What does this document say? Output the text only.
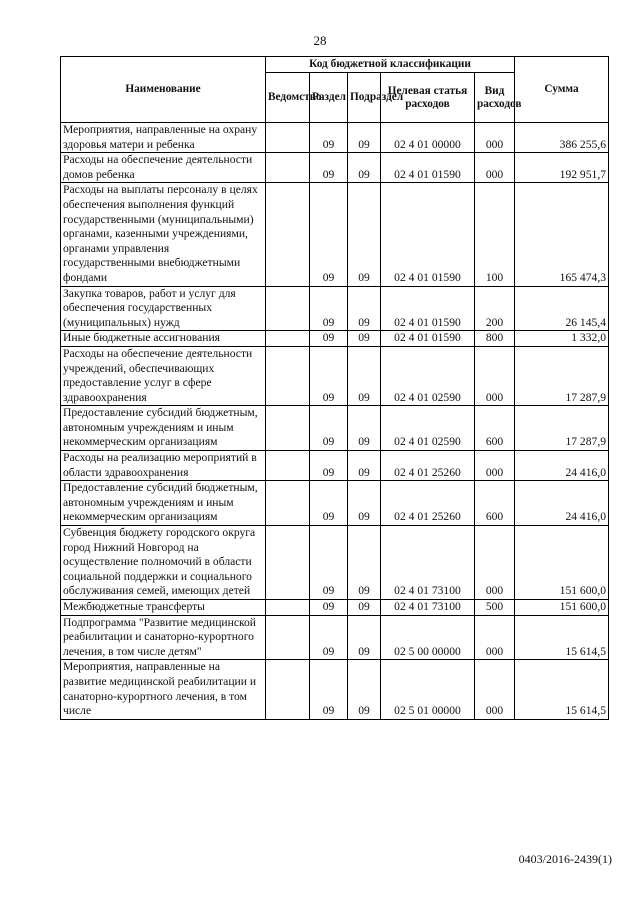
28
Наименование	Код бюджетной классификации					Сумма
	Ведомство	Раздел	Подраздел	Целевая статья расходов	Вид расходов	
Мероприятия, направленные на охрану здоровья матери и ребенка		09	09	02 4 01 00000	000	386 255,6
Расходы на обеспечение деятельности домов ребенка		09	09	02 4 01 01590	000	192 951,7
Расходы на выплаты персоналу в целях обеспечения выполнения функций государственными (муниципальными) органами, казенными учреждениями, органами управления государственными внебюджетными фондами		09	09	02 4 01 01590	100	165 474,3
Закупка товаров, работ и услуг для обеспечения государственных (муниципальных) нужд		09	09	02 4 01 01590	200	26 145,4
Иные бюджетные ассигнования		09	09	02 4 01 01590	800	1 332,0
Расходы на обеспечение деятельности учреждений, обеспечивающих предоставление услуг в сфере здравоохранения		09	09	02 4 01 02590	000	17 287,9
Предоставление субсидий бюджетным, автономным учреждениям и иным некоммерческим организациям		09	09	02 4 01 02590	600	17 287,9
Расходы на реализацию мероприятий в области здравоохранения		09	09	02 4 01 25260	000	24 416,0
Предоставление субсидий бюджетным, автономным учреждениям и иным некоммерческим организациям		09	09	02 4 01 25260	600	24 416,0
Субвенция бюджету городского округа город Нижний Новгород на осуществление полномочий в области социальной поддержки и социального обслуживания семей, имеющих детей		09	09	02 4 01 73100	000	151 600,0
Межбюджетные трансферты		09	09	02 4 01 73100	500	151 600,0
Подпрограмма "Развитие медицинской реабилитации и санаторно-курортного лечения, в том числе детям"		09	09	02 5 00 00000	000	15 614,5
Мероприятия, направленные на развитие медицинской реабилитации и санаторно-курортного лечения, в том числе		09	09	02 5 01 00000	000	15 614,5
0403/2016-2439(1)
